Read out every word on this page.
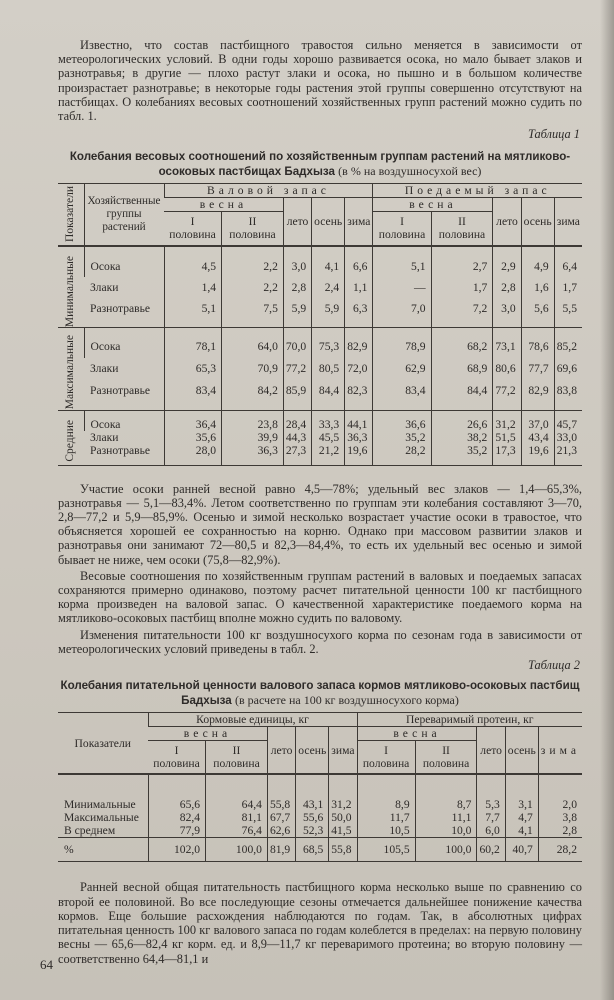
Известно, что состав пастбищного травостоя сильно меняется в зависимости от метеорологических условий. В одни годы хорошо развивается осока, но мало бывает злаков и разнотравья; в другие — плохо растут злаки и осока, но пышно и в большом количестве произрастает разнотравье; в некоторые годы растения этой группы совершенно отсутствуют на пастбищах. О колебаниях весовых соотношений хозяйственных групп растений можно судить по табл. 1.

Таблица 1
Колебания весовых соотношений по хозяйственным группам растений на мятликово-осоковых пастбищах Бадхыза (в % на воздушносухой вес)
Показатели	Хозяйственные группы растений	Валовой запас					Поедаемый запас				
		весна		лето	осень	зима	весна		лето	осень	зима
		I половина	II половина				I половина	II половина			

Минимальные	Осока	4,5	2,2	3,0	4,1	6,6	5,1	2,7	2,9	4,9	6,4
	Злаки	1,4	2,2	2,8	2,4	1,1	—	1,7	2,8	1,6	1,7
	Разнотравье	5,1	7,5	5,9	5,9	6,3	7,0	7,2	3,0	5,6	5,5

Максимальные	Осока	78,1	64,0	70,0	75,3	82,9	78,9	68,2	73,1	78,6	85,2
	Злаки	65,3	70,9	77,2	80,5	72,0	62,9	68,9	80,6	77,7	69,6
	Разнотравье	83,4	84,2	85,9	84,4	82,3	83,4	84,4	77,2	82,9	83,8

Средние	Осока	36,4	23,8	28,4	33,3	44,1	36,6	26,6	31,2	37,0	45,7
	Злаки	35,6	39,9	44,3	45,5	36,3	35,2	38,2	51,5	43,4	33,0
	Разнотравье	28,0	36,3	27,3	21,2	19,6	28,2	35,2	17,3	19,6	21,3

Участие осоки ранней весной равно 4,5—78%; удельный вес злаков — 1,4—65,3%, разнотравья — 5,1—83,4%. Летом соответственно по группам эти колебания составляют 3—70, 2,8—77,2 и 5,9—85,9%. Осенью и зимой несколько возрастает участие осоки в травостое, что объясняется хорошей ее сохранностью на корню. Однако при массовом развитии злаков и разнотравья они занимают 72—80,5 и 82,3—84,4%, то есть их удельный вес осенью и зимой бывает не ниже, чем осоки (75,8—82,9%).

Весовые соотношения по хозяйственным группам растений в валовых и поедаемых запасах сохраняются примерно одинаково, поэтому расчет питательной ценности 100 кг пастбищного корма произведен на валовой запас. О качественной характеристике поедаемого корма на мятликово-осоковых пастбищ вполне можно судить по валовому.

Изменения питательности 100 кг воздушносухого корма по сезонам года в зависимости от метеорологических условий приведены в табл. 2.

Таблица 2
Колебания питательной ценности валового запаса кормов мятликово-осоковых пастбищ Бадхыза (в расчете на 100 кг воздушносухого корма)
Показатели	Кормовые единицы, кг					Переваримый протеин, кг				
	весна		лето	осень	зима	весна		лето	осень	зима
	I половина	II половина				I половина	II половина			

Минимальные	65,6	64,4	55,8	43,1	31,2	8,9	8,7	5,3	3,1	2,0
Максимальные	82,4	81,1	67,7	55,6	50,0	11,7	11,1	7,7	4,7	3,8
В среднем	77,9	76,4	62,6	52,3	41,5	10,5	10,0	6,0	4,1	2,8
%	102,0	100,0	81,9	68,5	55,8	105,5	100,0	60,2	40,7	28,2

Ранней весной общая питательность пастбищного корма несколько выше по сравнению со второй ее половиной. Во все последующие сезоны отмечается дальнейшее понижение качества кормов. Еще большие расхождения наблюдаются по годам. Так, в абсолютных цифрах питательная ценность 100 кг валового запаса по годам колеблется в пределах: на первую половину весны — 65,6—82,4 кг корм. ед. и 8,9—11,7 кг переваримого протеина; во вторую половину — соответственно 64,4—81,1 и

64
